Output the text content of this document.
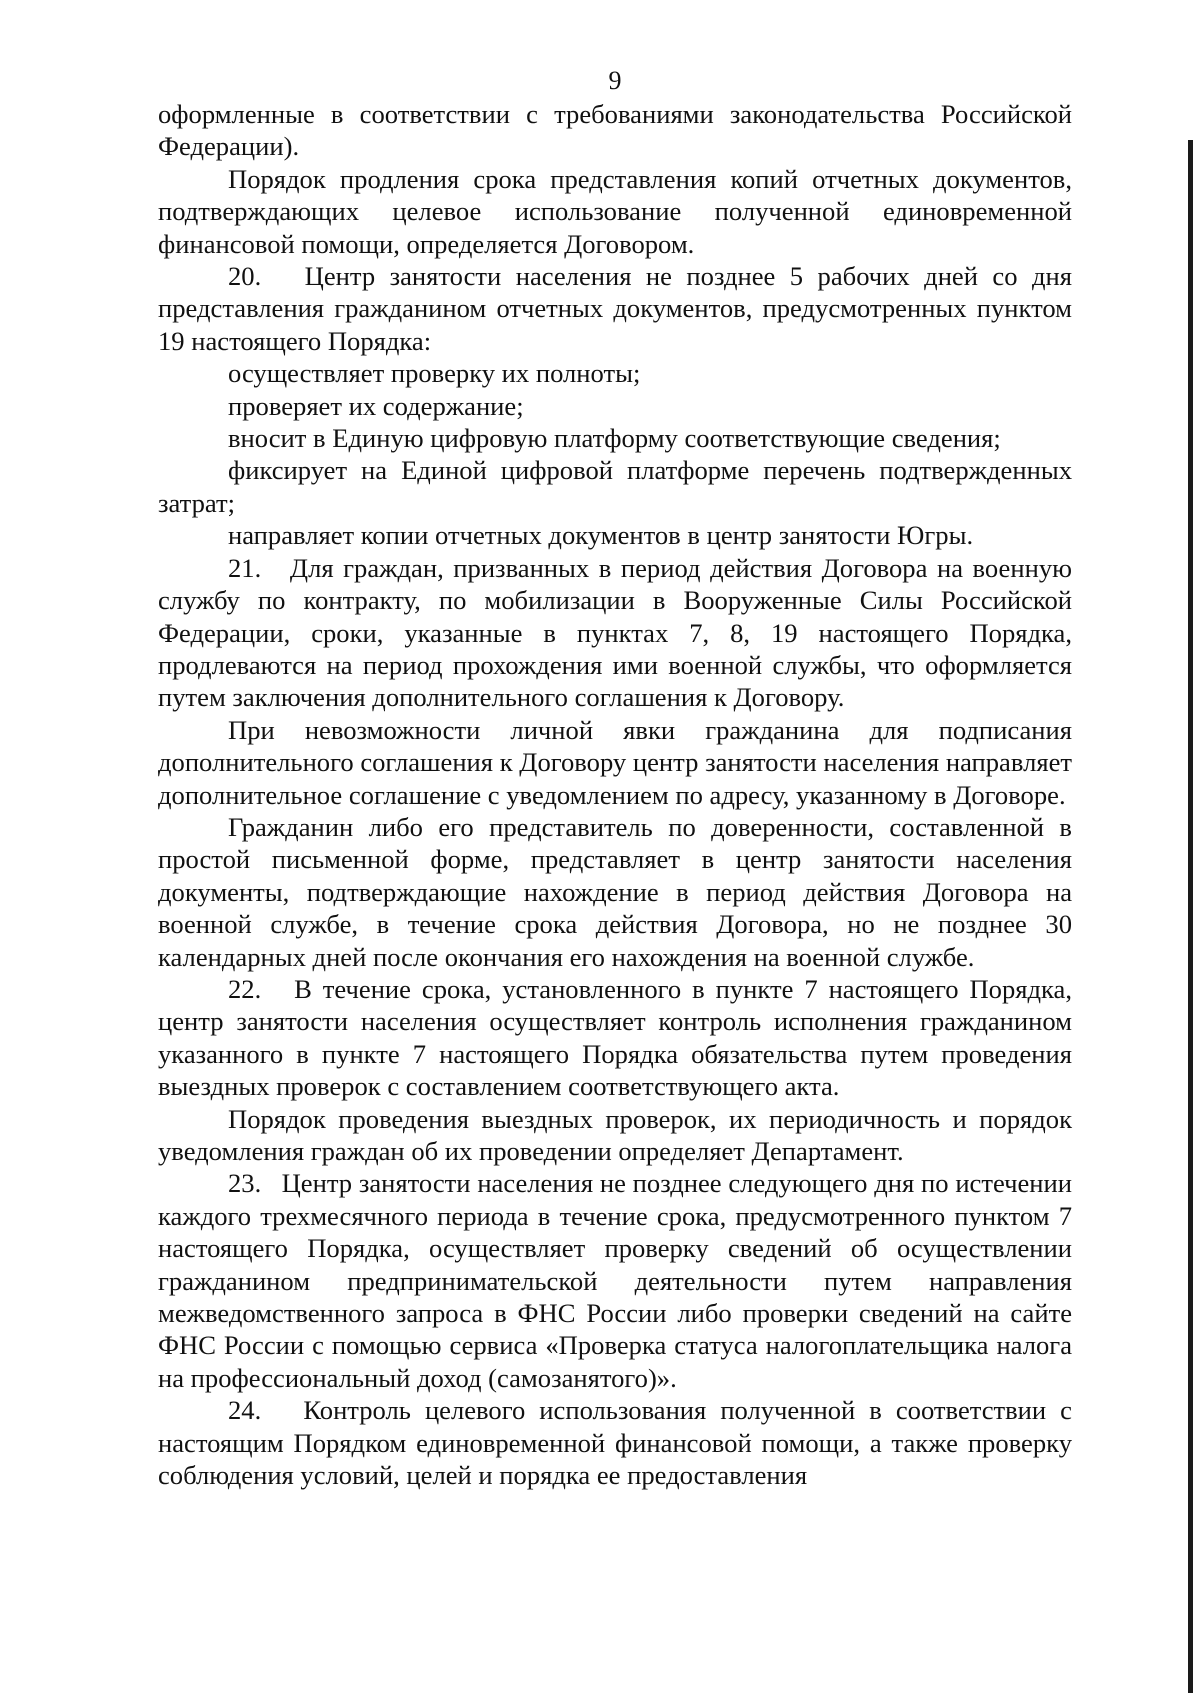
9

оформленные в соответствии с требованиями законодательства Российской Федерации).

Порядок продления срока представления копий отчетных документов, подтверждающих целевое использование полученной единовременной финансовой помощи, определяется Договором.

20.   Центр занятости населения не позднее 5 рабочих дней со дня представления гражданином отчетных документов, предусмотренных пунктом 19 настоящего Порядка:

осуществляет проверку их полноты;

проверяет их содержание;

вносит в Единую цифровую платформу соответствующие сведения;

фиксирует на Единой цифровой платформе перечень подтвержденных затрат;

направляет копии отчетных документов в центр занятости Югры.

21.   Для граждан, призванных в период действия Договора на военную службу по контракту, по мобилизации в Вооруженные Силы Российской Федерации, сроки, указанные в пунктах 7, 8, 19 настоящего Порядка, продлеваются на период прохождения ими военной службы, что оформляется путем заключения дополнительного соглашения к Договору.

При невозможности личной явки гражданина для подписания дополнительного соглашения к Договору центр занятости населения направляет дополнительное соглашение с уведомлением по адресу, указанному в Договоре.

Гражданин либо его представитель по доверенности, составленной в простой письменной форме, представляет в центр занятости населения документы, подтверждающие нахождение в период действия Договора на военной службе, в течение срока действия Договора, но не позднее 30 календарных дней после окончания его нахождения на военной службе.

22.   В течение срока, установленного в пункте 7 настоящего Порядка, центр занятости населения осуществляет контроль исполнения гражданином указанного в пункте 7 настоящего Порядка обязательства путем проведения выездных проверок с составлением соответствующего акта.

Порядок проведения выездных проверок, их периодичность и порядок уведомления граждан об их проведении определяет Департамент.

23.   Центр занятости населения не позднее следующего дня по истечении каждого трехмесячного периода в течение срока, предусмотренного пунктом 7 настоящего Порядка, осуществляет проверку сведений об осуществлении гражданином предпринимательской деятельности путем направления межведомственного запроса в ФНС России либо проверки сведений на сайте ФНС России с помощью сервиса «Проверка статуса налогоплательщика налога на профессиональный доход (самозанятого)».

24.   Контроль целевого использования полученной в соответствии с настоящим Порядком единовременной финансовой помощи, а также проверку соблюдения условий, целей и порядка ее предоставления
